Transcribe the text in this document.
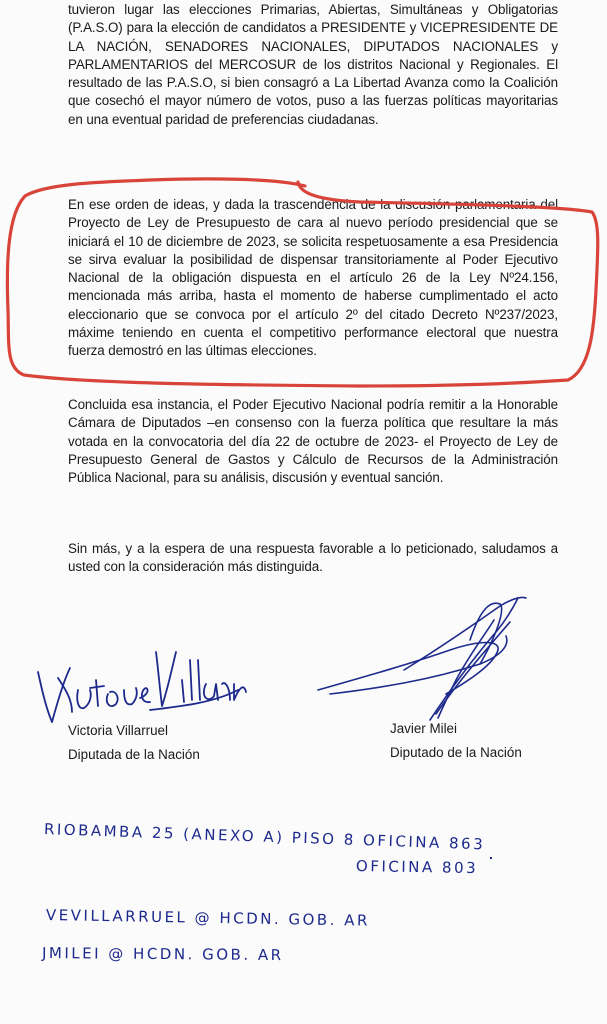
tuvieron lugar las elecciones Primarias, Abiertas, Simultáneas y Obligatorias (P.A.S.O) para la elección de candidatos a PRESIDENTE y VICEPRESIDENTE DE LA NACIÓN, SENADORES NACIONALES, DIPUTADOS NACIONALES y PARLAMENTARIOS del MERCOSUR de los distritos Nacional y Regionales. El resultado de las P.A.S.O, si bien consagró a La Libertad Avanza como la Coalición que cosechó el mayor número de votos, puso a las fuerzas políticas mayoritarias en una eventual paridad de preferencias ciudadanas.
En ese orden de ideas, y dada la trascendencia de la discusión parlamentaria del Proyecto de Ley de Presupuesto de cara al nuevo período presidencial que se iniciará el 10 de diciembre de 2023, se solicita respetuosamente a esa Presidencia se sirva evaluar la posibilidad de dispensar transitoriamente al Poder Ejecutivo Nacional de la obligación dispuesta en el artículo 26 de la Ley Nº24.156, mencionada más arriba, hasta el momento de haberse cumplimentado el acto eleccionario que se convoca por el artículo 2º del citado Decreto Nº237/2023, máxime teniendo en cuenta el competitivo performance electoral que nuestra fuerza demostró en las últimas elecciones.
Concluida esa instancia, el Poder Ejecutivo Nacional podría remitir a la Honorable Cámara de Diputados –en consenso con la fuerza política que resultare la más votada en la convocatoria del día 22 de octubre de 2023- el Proyecto de Ley de Presupuesto General de Gastos y Cálculo de Recursos de la Administración Pública Nacional, para su análisis, discusión y eventual sanción.
Sin más, y a la espera de una respuesta favorable a lo peticionado, saludamos a usted con la consideración más distinguida.
Victoria Villarruel
Diputada de la Nación
Javier Milei
Diputado de la Nación
RIOBAMBA 25 (ANEXO A) PISO 8 OFICINA 863
OFICINA 803
VEVILLARRUEL @ HCDN. GOB. AR
JMILEI @ HCDN. GOB. AR
